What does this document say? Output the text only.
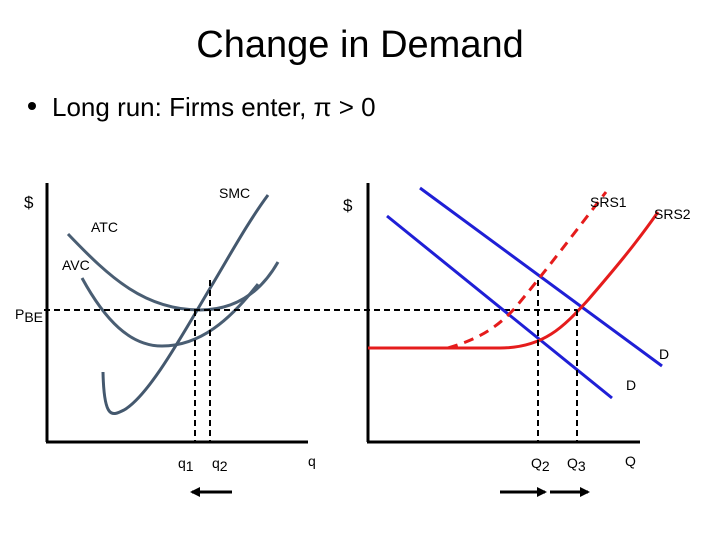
Change in Demand
Long run: Firms enter, π > 0
$	SMC
ATC
AVC
PBE
q1 q2	q
$	SRS1
SRS2
D
D
Q2 Q3	Q
